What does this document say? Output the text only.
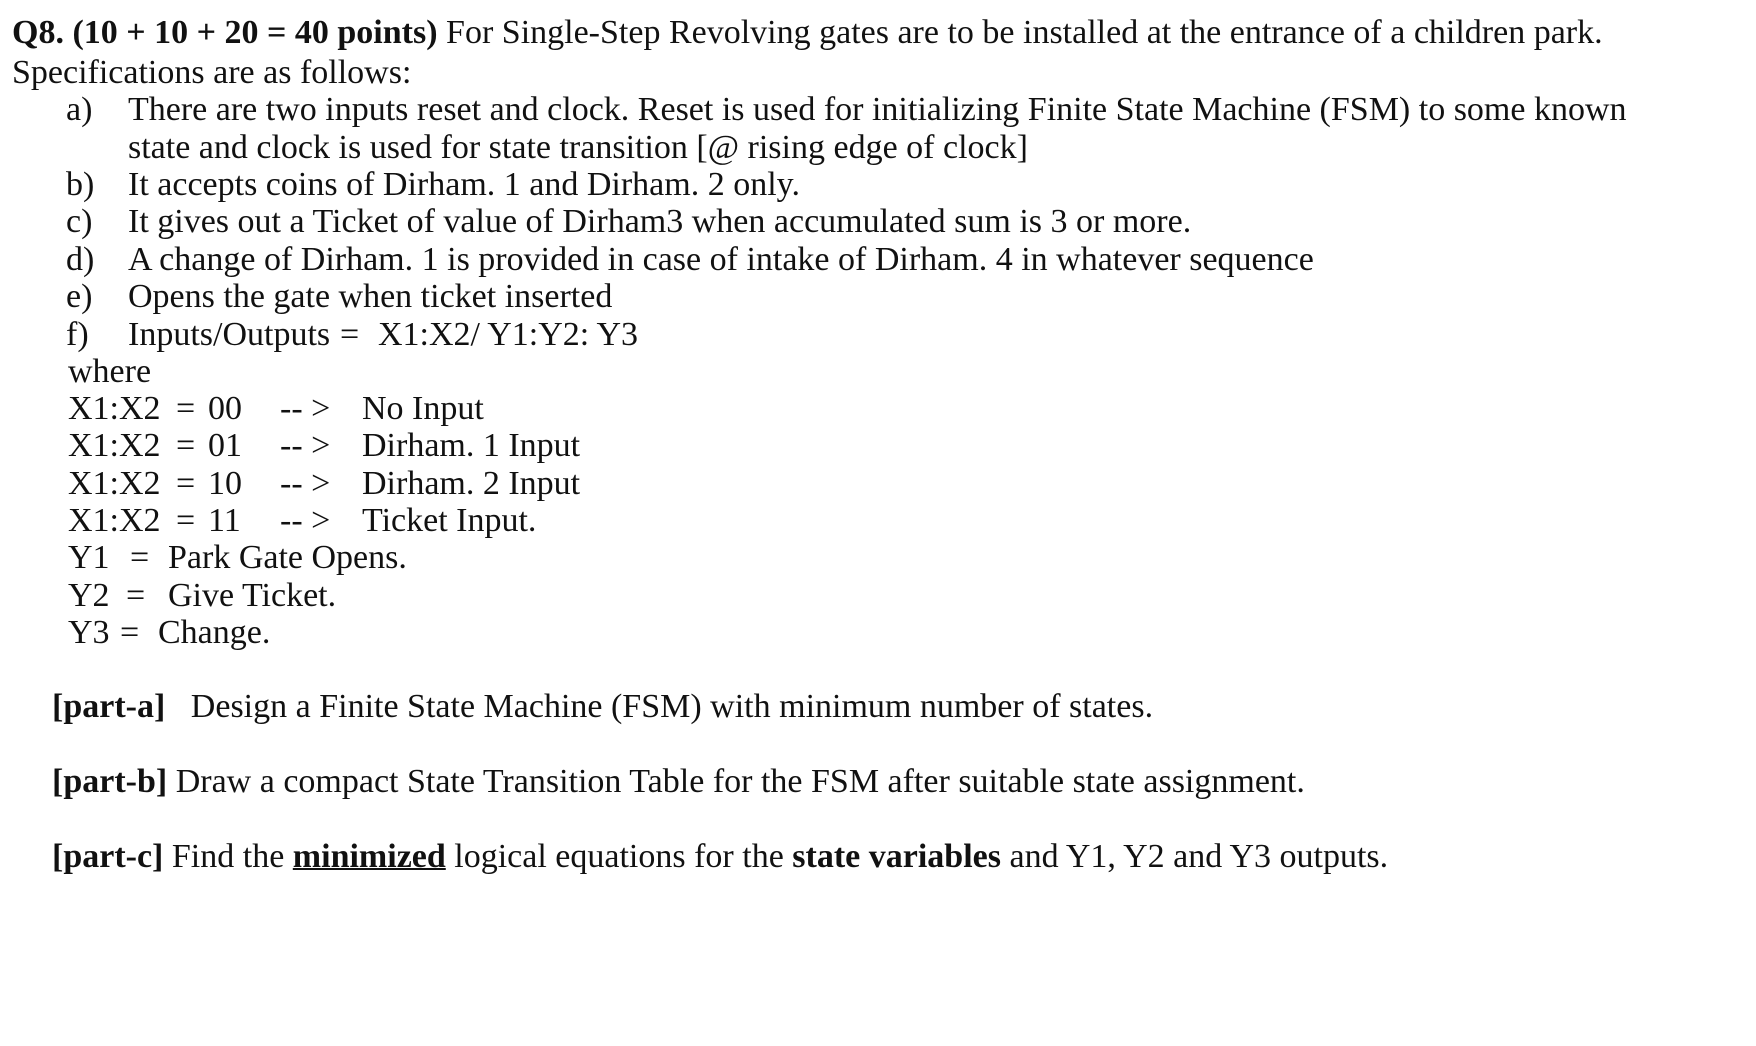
Q8. (10 + 10 + 20 = 40 points) For Single-Step Revolving gates are to be installed at the entrance of a children park.
Specifications are as follows:
a) There are two inputs reset and clock. Reset is used for initializing Finite State Machine (FSM) to some known
state and clock is used for state transition [@ rising edge of clock]
b) It accepts coins of Dirham. 1 and Dirham. 2 only.
c) It gives out a Ticket of value of Dirham3 when accumulated sum is 3 or more.
d) A change of Dirham. 1 is provided in case of intake of Dirham. 4 in whatever sequence
e) Opens the gate when ticket inserted
f) Inputs/Outputs = X1:X2/ Y1:Y2: Y3
where
X1:X2 = 00 -- > No Input
X1:X2 = 01 -- > Dirham. 1 Input
X1:X2 = 10 -- > Dirham. 2 Input
X1:X2 = 11 -- > Ticket Input.
Y1 = Park Gate Opens.
Y2 = Give Ticket.
Y3 = Change.
[part-a] Design a Finite State Machine (FSM) with minimum number of states.
[part-b] Draw a compact State Transition Table for the FSM after suitable state assignment.
[part-c] Find the minimized logical equations for the state variables and Y1, Y2 and Y3 outputs.
